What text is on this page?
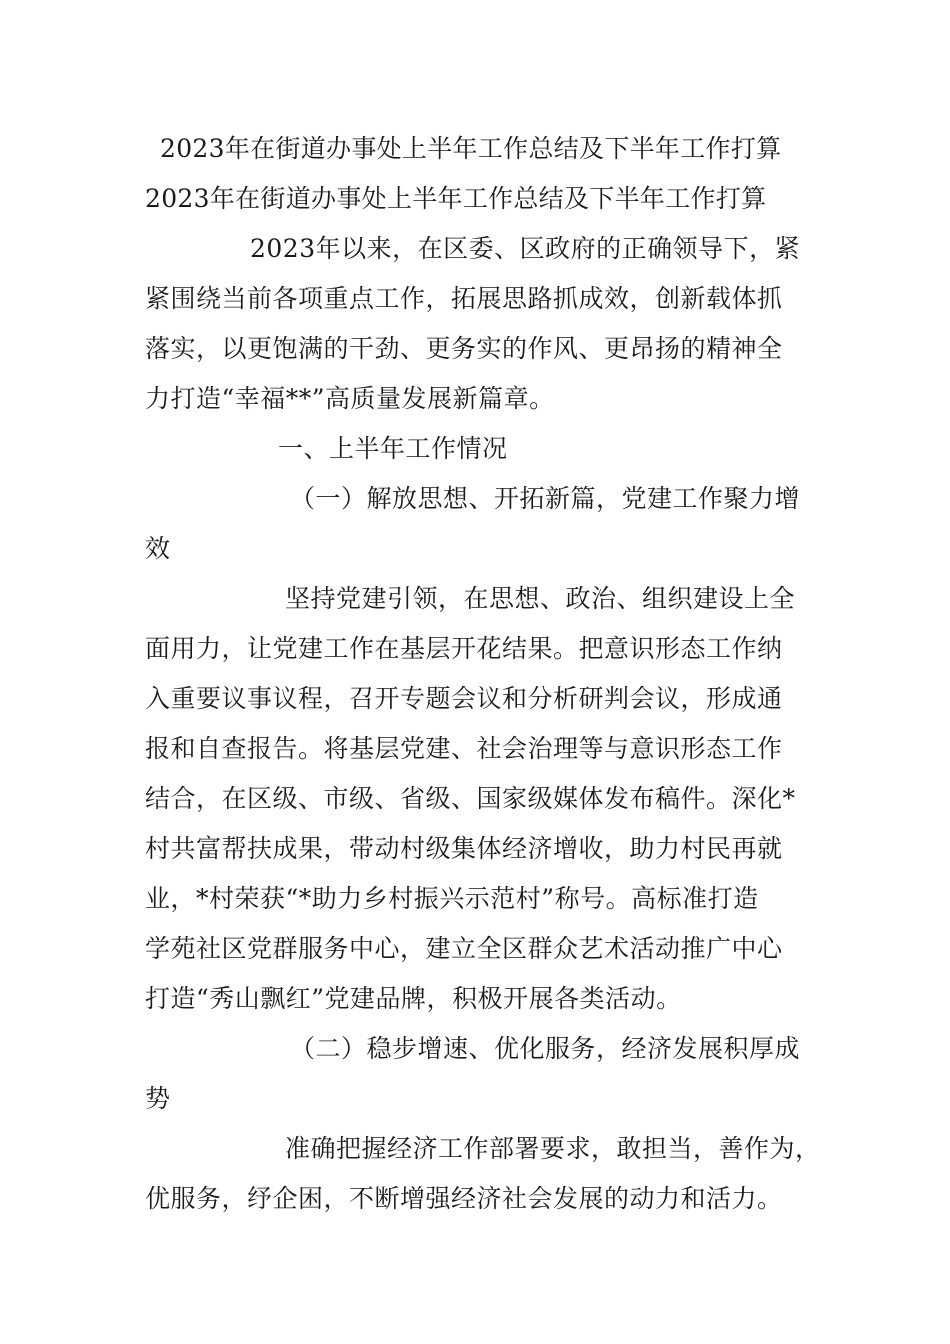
2023年在街道办事处上半年工作总结及下半年工作打算
2023年在街道办事处上半年工作总结及下半年工作打算
2023年以来，在区委、区政府的正确领导下，紧
紧围绕当前各项重点工作，拓展思路抓成效，创新载体抓
落实，以更饱满的干劲、更务实的作风、更昂扬的精神全
力打造“幸福**”高质量发展新篇章。
一、上半年工作情况
（一）解放思想、开拓新篇，党建工作聚力增
效
坚持党建引领，在思想、政治、组织建设上全
面用力，让党建工作在基层开花结果。把意识形态工作纳
入重要议事议程，召开专题会议和分析研判会议，形成通
报和自查报告。将基层党建、社会治理等与意识形态工作
结合，在区级、市级、省级、国家级媒体发布稿件。深化*
村共富帮扶成果，带动村级集体经济增收，助力村民再就
业，*村荣获“*助力乡村振兴示范村”称号。高标准打造
学苑社区党群服务中心，建立全区群众艺术活动推广中心
打造“秀山飘红”党建品牌，积极开展各类活动。
（二）稳步增速、优化服务，经济发展积厚成
势
准确把握经济工作部署要求，敢担当，善作为，
优服务，纾企困，不断增强经济社会发展的动力和活力。
